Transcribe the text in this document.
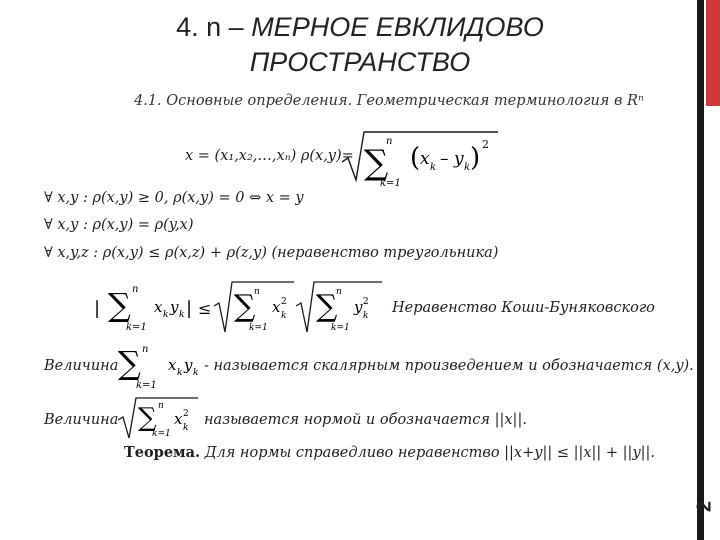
4. n – МЕРНОЕ ЕВКЛИДОВО ПРОСТРАНСТВО
2
4.1. Основные определения. Геометрическая терминология в Rⁿ
x = (x₁,x₂,…,xₙ) ρ(x,y)= ∑
n
k=1
( x k – y k ) 2
∀ x,y : ρ(x,y) ≥ 0, ρ(x,y) = 0 ⇔ x = y
∀ x,y : ρ(x,y) = ρ(y,x)
∀ x,y,z : ρ(x,y) ≤ ρ(x,z) + ρ(z,y) (неравенство треугольника)
| ∑ n
k=1
x k y k | ≤ ∑
n
k=1
x 2
k ∑
n
k=1
y 2
k Неравенство Коши-Буняковского
Величина ∑ n
k=1
x k y k - называется скалярным произведением и обозначается (x,y).
Величина ∑ n
k=1
x 2
k называется нормой и обозначается ||x||.
Теорема. Для нормы справедливо неравенство ||x+y|| ≤ ||x|| + ||y||.
